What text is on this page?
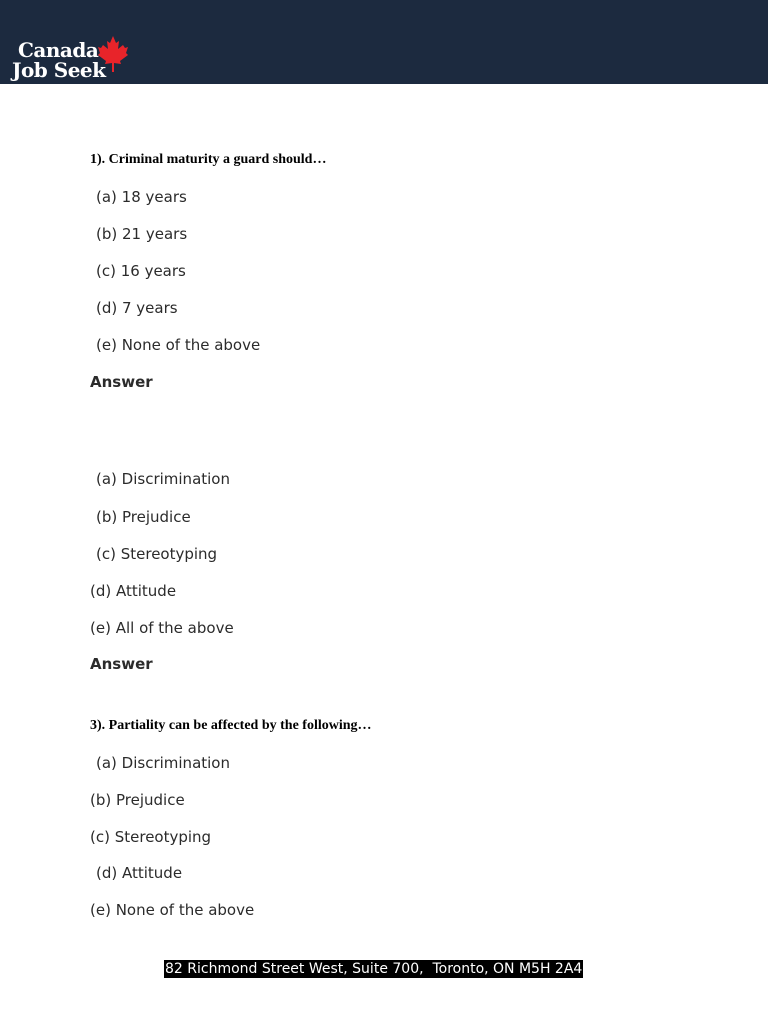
Canada
Job Seek
1). Criminal maturity a guard should…
(a) 18 years
(b) 21 years
(c) 16 years
(d) 7 years
(e) None of the above
Answer
(a) Discrimination
(b) Prejudice
(c) Stereotyping
(d) Attitude
(e) All of the above
Answer
3). Partiality can be affected by the following…
(a) Discrimination
(b) Prejudice
(c) Stereotyping
(d) Attitude
(e) None of the above
82 Richmond Street West, Suite 700,  Toronto, ON M5H 2A4
